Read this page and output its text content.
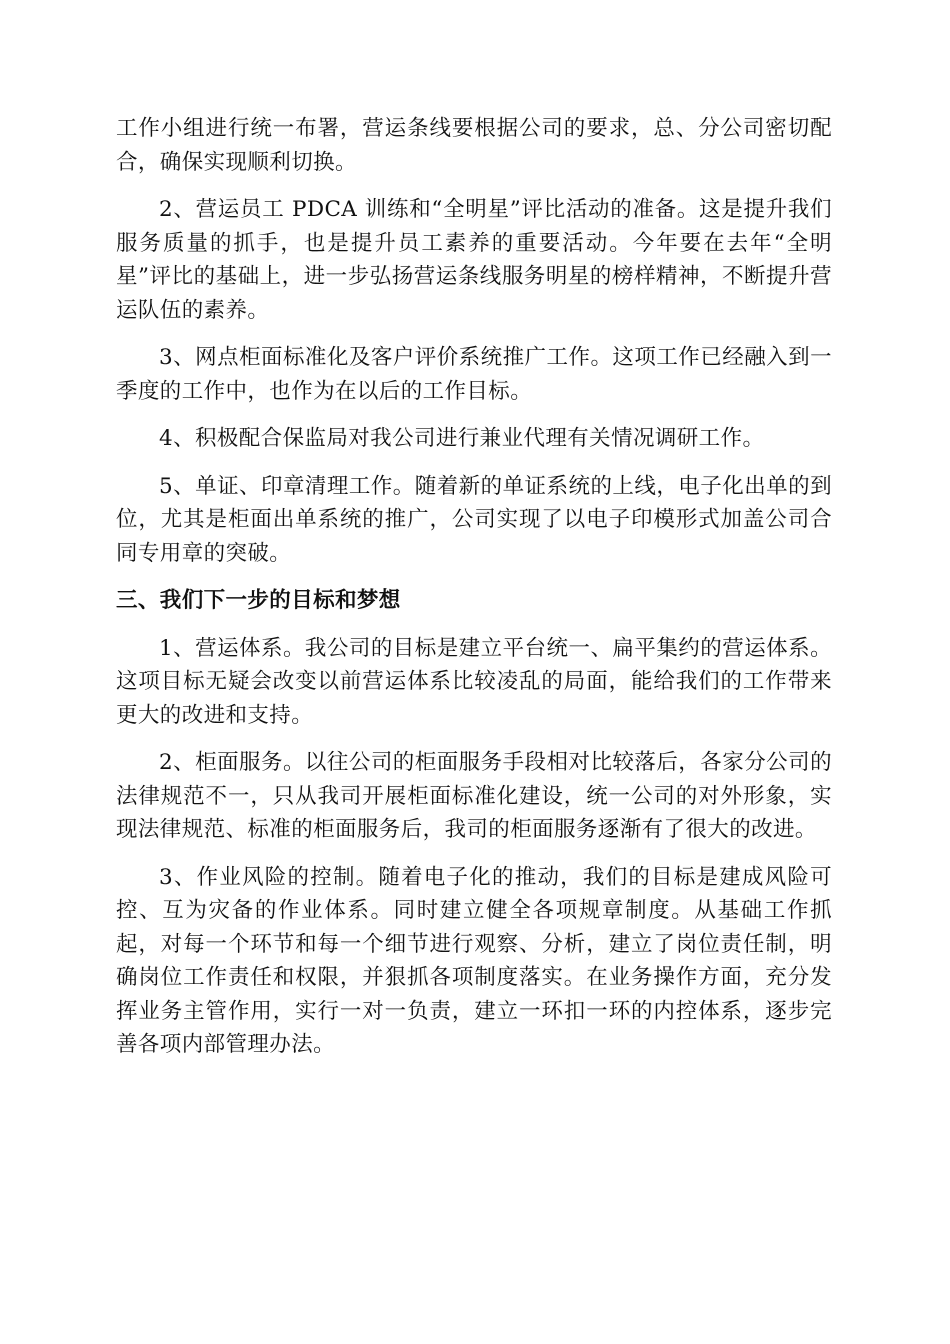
工作小组进行统一布署，营运条线要根据公司的要求，总、分公司密切配合，确保实现顺利切换。

2、营运员工 PDCA 训练和“全明星”评比活动的准备。这是提升我们服务质量的抓手，也是提升员工素养的重要活动。今年要在去年“全明星”评比的基础上，进一步弘扬营运条线服务明星的榜样精神，不断提升营运队伍的素养。

3、网点柜面标准化及客户评价系统推广工作。这项工作已经融入到一季度的工作中，也作为在以后的工作目标。

4、积极配合保监局对我公司进行兼业代理有关情况调研工作。

5、单证、印章清理工作。随着新的单证系统的上线，电子化出单的到位，尤其是柜面出单系统的推广，公司实现了以电子印模形式加盖公司合同专用章的突破。

三、我们下一步的目标和梦想

1、营运体系。我公司的目标是建立平台统一、扁平集约的营运体系。这项目标无疑会改变以前营运体系比较凌乱的局面，能给我们的工作带来更大的改进和支持。

2、柜面服务。以往公司的柜面服务手段相对比较落后，各家分公司的法律规范不一，只从我司开展柜面标准化建设，统一公司的对外形象，实现法律规范、标准的柜面服务后，我司的柜面服务逐渐有了很大的改进。

3、作业风险的控制。随着电子化的推动，我们的目标是建成风险可控、互为灾备的作业体系。同时建立健全各项规章制度。从基础工作抓起，对每一个环节和每一个细节进行观察、分析，建立了岗位责任制，明确岗位工作责任和权限，并狠抓各项制度落实。在业务操作方面，充分发挥业务主管作用，实行一对一负责，建立一环扣一环的内控体系，逐步完善各项内部管理办法。
